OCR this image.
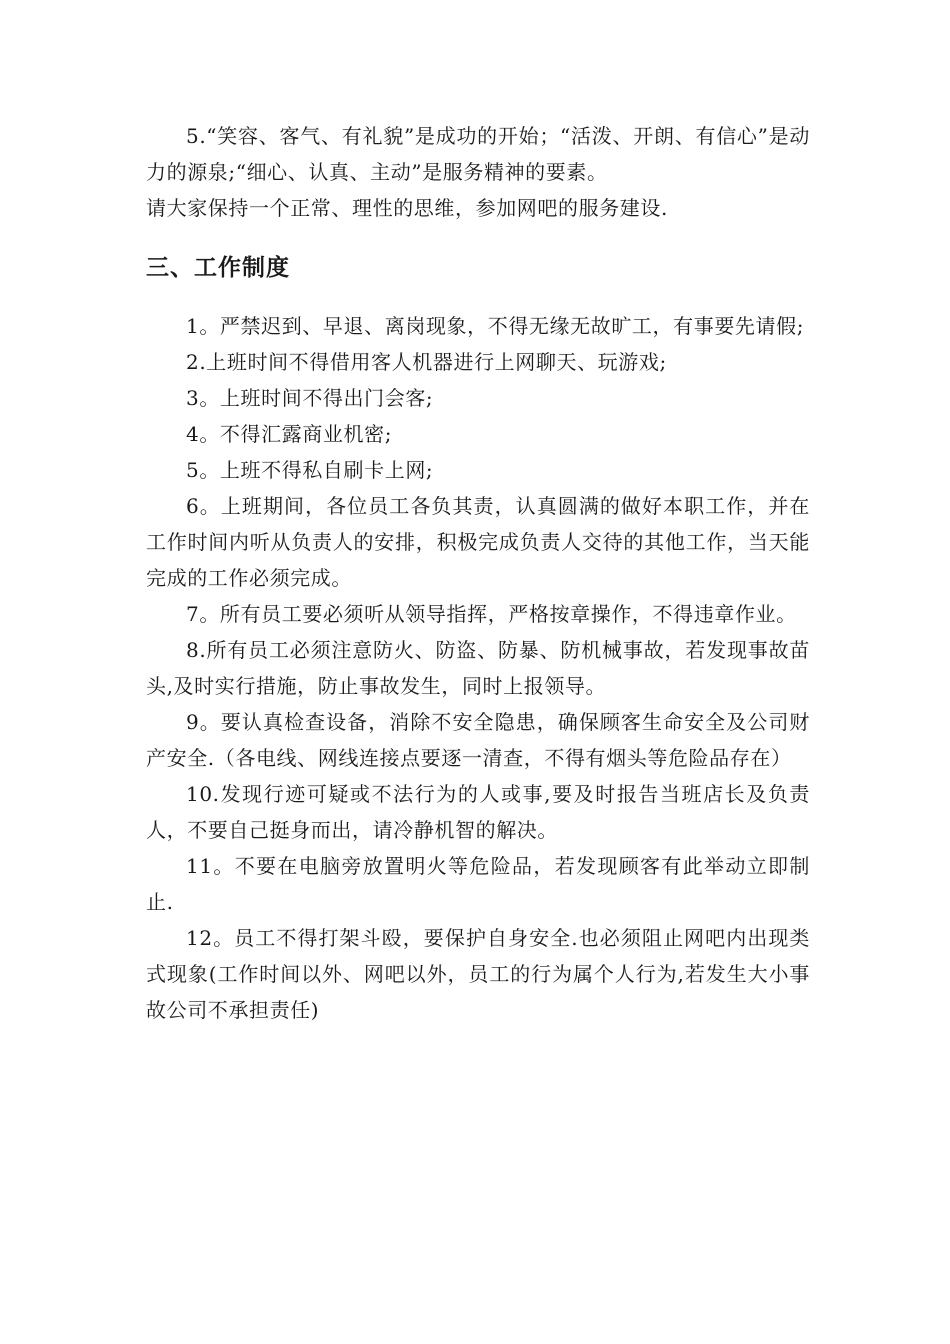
5.“笑容、客气、有礼貌”是成功的开始；“活泼、开朗、有信心”是动力的源泉;“细心、认真、主动”是服务精神的要素。

请大家保持一个正常、理性的思维，参加网吧的服务建设.

三、工作制度

1。严禁迟到、早退、离岗现象，不得无缘无故旷工，有事要先请假;

2.上班时间不得借用客人机器进行上网聊天、玩游戏;

3。上班时间不得出门会客;

4。不得汇露商业机密;

5。上班不得私自刷卡上网;

6。上班期间，各位员工各负其责，认真圆满的做好本职工作，并在工作时间内听从负责人的安排，积极完成负责人交待的其他工作，当天能完成的工作必须完成。

7。所有员工要必须听从领导指挥，严格按章操作，不得违章作业。

8.所有员工必须注意防火、防盗、防暴、防机械事故，若发现事故苗头,及时实行措施，防止事故发生，同时上报领导。

9。要认真检查设备，消除不安全隐患，确保顾客生命安全及公司财产安全.（各电线、网线连接点要逐一清查，不得有烟头等危险品存在）

10.发现行迹可疑或不法行为的人或事,要及时报告当班店长及负责人，不要自己挺身而出，请冷静机智的解决。

11。不要在电脑旁放置明火等危险品，若发现顾客有此举动立即制止.

12。员工不得打架斗殴，要保护自身安全.也必须阻止网吧内出现类式现象(工作时间以外、网吧以外，员工的行为属个人行为,若发生大小事故公司不承担责任)
